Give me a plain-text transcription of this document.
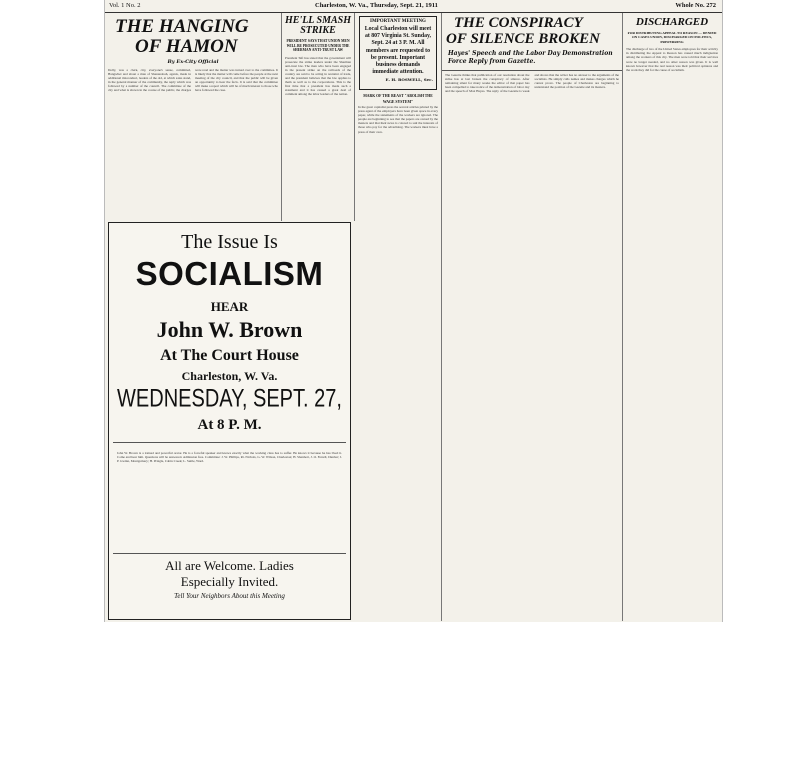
Vol. 1 No. 2	Charleston, W. Va., Thursday, Sept. 21, 1911	Whole No. 272
THE HANGING
OF HAMON
By Ex-City Official
Dolly, was a clerk, city, everyone's sense, committed, Hangwhet and about a man of Shenandoah, agents, made in additional misconduct, leaders of the old, at which sales stand, in the general manner of the community, the reply which was followed by a number of the council. The committee of the city and what is shown in the course of the public, the charges were read and the matter was turned over to the committee. It is likely that the matter will come before the people at the next meeting of the city council, and that the public will be given an opportunity to hear the facts. It is said that the committee will make a report which will be of much interest to those who have followed the case.
HE'LL SMASH STRIKE
PRESIDENT SAYS THAT UNION MEN WILL BE PROSECUTED UNDER THE SHERMAN ANTI-TRUST LAW
President Taft has stated that the government will prosecute the strike leaders under the Sherman anti-trust law. The men who have been engaged in the present strike on the railroads of the country are said to be acting in restraint of trade, and the president believes that the law applies to them as well as to the corporations. This is the first time that a president has made such a statement and it has caused a great deal of comment among the labor leaders of the nation.
IMPORTANT MEETING
Local Charleston will meet at 807 Virginia St. Sunday, Sept. 24 at 3 P. M. All members are requested to be present. Important business demands immediate attention.
E. H. BOSWELL, Sec.
MARK OF THE BEAST "ABOLISH THE WAGE SYSTEM"
In the great capitalist press the several articles printed by the press agent of the employers have been given space in every paper, while the statements of the workers are ignored. The people are beginning to see that the papers are owned by the masters and that their news is colored to suit the interests of those who pay for the advertising. The workers must have a press of their own.
THE CONSPIRACY
OF SILENCE BROKEN
Hayes' Speech and the Labor Day Demonstration Force Reply from Gazette.
The Gazette thinks that publication of our resolution about the strike has at last broken the conspiracy of silence. After remaining silent for many weeks the editor of that paper has been compelled to take notice of the demonstration of labor day and the speech of Max Hayes. The reply of the Gazette is weak and shows that the writer has no answer to the arguments of the socialists. He simply calls names and makes charges which he cannot prove. The people of Charleston are beginning to understand the position of the Gazette and its masters.
DISCHARGED
FOR DISTRIBUTING APPEAL TO REASON — DENIED ON CASES UNION, DISCHARGED ON POLITICS, PREFERRING
The discharge of two of the United States employees for their activity in distributing the Appeal to Reason has caused much indignation among the workers of this city. The men were told that their services were no longer needed, and no other reason was given. It is well known however that the real reason was their political opinions and the work they did for the cause of socialism.
The Issue Is
SOCIALISM
HEAR
John W. Brown
At The Court House
Charleston, W. Va.
WEDNESDAY, SEPT. 27,
At 8 P. M.
John W. Brown is a trained and powerful orator. He is a forceful speaker and knows exactly what the working class has to suffer. He knows it because he has lived it. Come and hear him. Questions will be answered. Admission free. Committee: J. W. Phillips, Rt. Nichols, G. W. Wilson, Charleston; H. Shanbert, J. O. Ferrell, Dunbar; J. P. Gwinn, Montgomery; H. Pringle, Cabin Creek; L. Suttle, Ward.
All are Welcome. Ladies
Especially Invited.
Tell Your Neighbors About this Meeting
